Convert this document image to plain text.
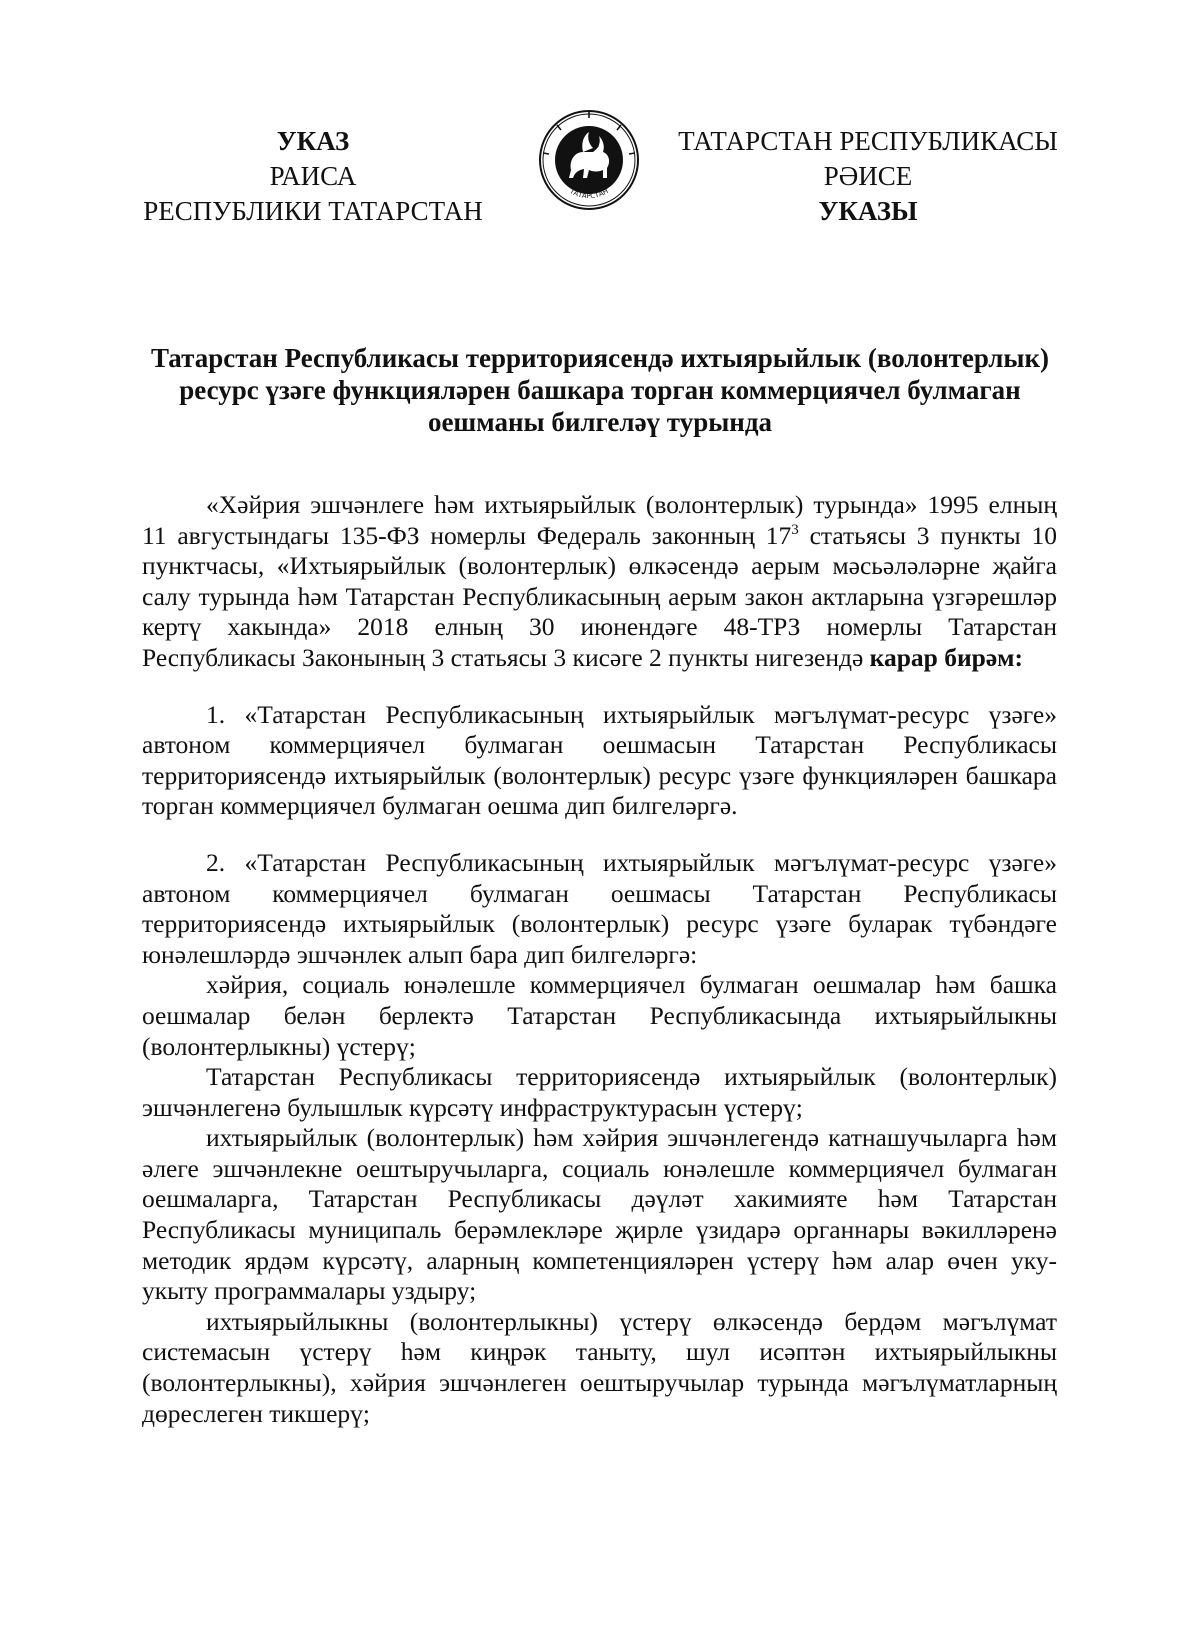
УКАЗ
РАИСА
РЕСПУБЛИКИ ТАТАРСТАН
ТАТАРСТАН
ТАТАРСТАН РЕСПУБЛИКАСЫ
РӘИСЕ
УКАЗЫ
Татарстан Республикасы территориясендә ихтыярыйлык (волонтерлык)
ресурс үзәге функцияләрен башкара торган коммерциячел булмаган
оешманы билгеләү турында

«Хәйрия эшчәнлеге һәм ихтыярыйлык (волонтерлык) турында» 1995 елның 11 августындагы 135-ФЗ номерлы Федераль законның $17^3$ статьясы 3 пункты 10 пунктчасы, «Ихтыярыйлык (волонтерлык) өлкәсендә аерым мәсьәләләрне җайга салу турында һәм Татарстан Республикасының аерым закон актларына үзгәрешләр кертү хакында» 2018 елның 30 июнендәге 48-ТРЗ номерлы Татарстан Республикасы Законының 3 статьясы 3 кисәге 2 пункты нигезендә карар бирәм:

1. «Татарстан Республикасының ихтыярыйлык мәгълүмат-ресурс үзәге» автоном коммерциячел булмаган оешмасын Татарстан Республикасы территориясендә ихтыярыйлык (волонтерлык) ресурс үзәге функцияләрен башкара торган коммерциячел булмаган оешма дип билгеләргә.

2. «Татарстан Республикасының ихтыярыйлык мәгълүмат-ресурс үзәге» автоном коммерциячел булмаган оешмасы Татарстан Республикасы территориясендә ихтыярыйлык (волонтерлык) ресурс үзәге буларак түбәндәге юнәлешләрдә эшчәнлек алып бара дип билгеләргә:

хәйрия, социаль юнәлешле коммерциячел булмаган оешмалар һәм башка оешмалар белән берлектә Татарстан Республикасында ихтыярыйлыкны (волонтерлыкны) үстерү;

Татарстан Республикасы территориясендә ихтыярыйлык (волонтерлык) эшчәнлегенә булышлык күрсәтү инфраструктурасын үстерү;

ихтыярыйлык (волонтерлык) һәм хәйрия эшчәнлегендә катнашучыларга һәм әлеге эшчәнлекне оештыручыларга, социаль юнәлешле коммерциячел булмаган оешмаларга, Татарстан Республикасы дәүләт хакимияте һәм Татарстан Республикасы муниципаль берәмлекләре җирле үзидарә органнары вәкилләренә методик ярдәм күрсәтү, аларның компетенцияләрен үстерү һәм алар өчен уку-укыту программалары уздыру;

ихтыярыйлыкны (волонтерлыкны) үстерү өлкәсендә бердәм мәгълүмат системасын үстерү һәм киңрәк таныту, шул исәптән ихтыярыйлыкны (волонтерлыкны), хәйрия эшчәнлеген оештыручылар турында мәгълүматларның дөреслеген тикшерү;
